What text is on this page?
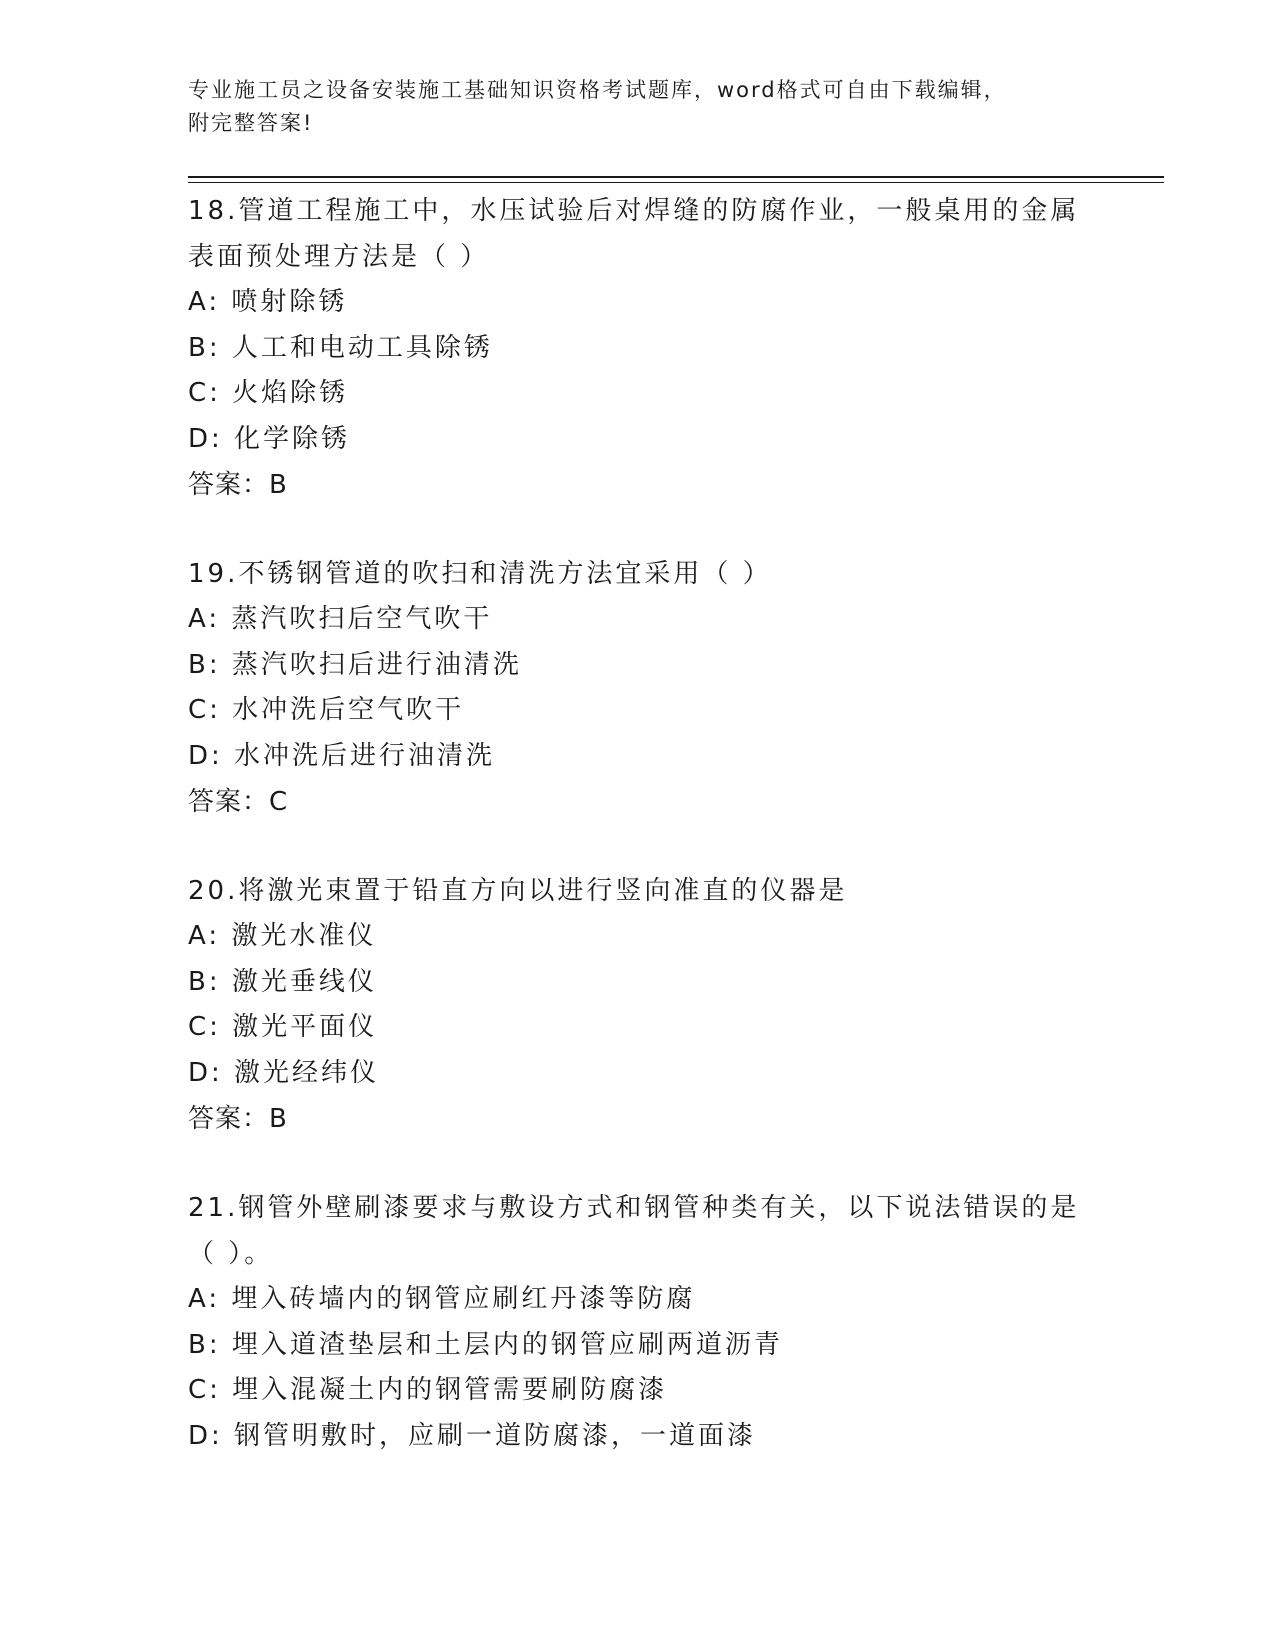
专业施工员之设备安装施工基础知识资格考试题库，word格式可自由下载编辑，
附完整答案!

18.管道工程施工中，水压试验后对焊缝的防腐作业，一般桌用的金属

表面预处理方法是（ ）

A: 喷射除锈

B: 人工和电动工具除锈

C: 火焰除锈

D: 化学除锈

答案：B

19.不锈钢管道的吹扫和清洗方法宜采用（ ）

A: 蒸汽吹扫后空气吹干

B: 蒸汽吹扫后进行油清洗

C: 水冲洗后空气吹干

D: 水冲洗后进行油清洗

答案：C

20.将激光束置于铅直方向以进行竖向准直的仪器是

A: 激光水准仪

B: 激光垂线仪

C: 激光平面仪

D: 激光经纬仪

答案：B

21.钢管外壁刷漆要求与敷设方式和钢管种类有关，以下说法错误的是

（ ）。

A: 埋入砖墙内的钢管应刷红丹漆等防腐

B: 埋入道渣垫层和土层内的钢管应刷两道沥青

C: 埋入混凝土内的钢管需要刷防腐漆

D: 钢管明敷时，应刷一道防腐漆，一道面漆
